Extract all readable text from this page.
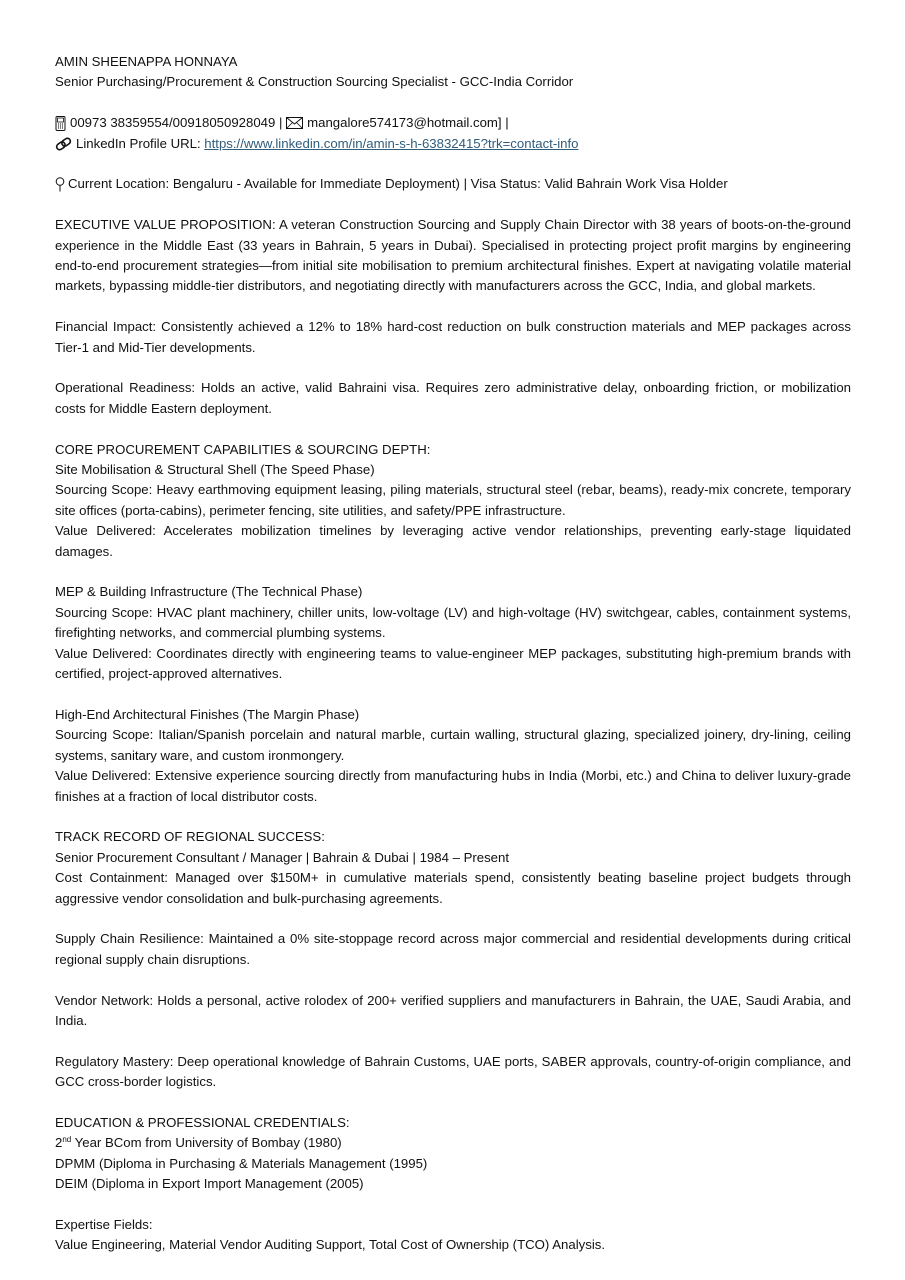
AMIN SHEENAPPA HONNAYA
Senior Purchasing/Procurement & Construction Sourcing Specialist - GCC-India Corridor
00973 38359554/00918050928049 | mangalore574173@hotmail.com] |
LinkedIn Profile URL: https://www.linkedin.com/in/amin-s-h-63832415?trk=contact-info
Current Location: Bengaluru - Available for Immediate Deployment) | Visa Status: Valid Bahrain Work Visa Holder
EXECUTIVE VALUE PROPOSITION: A veteran Construction Sourcing and Supply Chain Director with 38 years of boots-on-the-ground experience in the Middle East (33 years in Bahrain, 5 years in Dubai). Specialised in protecting project profit margins by engineering end-to-end procurement strategies—from initial site mobilisation to premium architectural finishes. Expert at navigating volatile material markets, bypassing middle-tier distributors, and negotiating directly with manufacturers across the GCC, India, and global markets.
Financial Impact: Consistently achieved a 12% to 18% hard-cost reduction on bulk construction materials and MEP packages across Tier-1 and Mid-Tier developments.
Operational Readiness: Holds an active, valid Bahraini visa. Requires zero administrative delay, onboarding friction, or mobilization costs for Middle Eastern deployment.
CORE PROCUREMENT CAPABILITIES & SOURCING DEPTH:
Site Mobilisation & Structural Shell (The Speed Phase)
Sourcing Scope: Heavy earthmoving equipment leasing, piling materials, structural steel (rebar, beams), ready-mix concrete, temporary site offices (porta-cabins), perimeter fencing, site utilities, and safety/PPE infrastructure.
Value Delivered: Accelerates mobilization timelines by leveraging active vendor relationships, preventing early-stage liquidated damages.
MEP & Building Infrastructure (The Technical Phase)
Sourcing Scope: HVAC plant machinery, chiller units, low-voltage (LV) and high-voltage (HV) switchgear, cables, containment systems, firefighting networks, and commercial plumbing systems.
Value Delivered: Coordinates directly with engineering teams to value-engineer MEP packages, substituting high-premium brands with certified, project-approved alternatives.
High-End Architectural Finishes (The Margin Phase)
Sourcing Scope: Italian/Spanish porcelain and natural marble, curtain walling, structural glazing, specialized joinery, dry-lining, ceiling systems, sanitary ware, and custom ironmongery.
Value Delivered: Extensive experience sourcing directly from manufacturing hubs in India (Morbi, etc.) and China to deliver luxury-grade finishes at a fraction of local distributor costs.
TRACK RECORD OF REGIONAL SUCCESS:
Senior Procurement Consultant / Manager | Bahrain & Dubai | 1984 – Present
Cost Containment: Managed over $150M+ in cumulative materials spend, consistently beating baseline project budgets through aggressive vendor consolidation and bulk-purchasing agreements.
Supply Chain Resilience: Maintained a 0% site-stoppage record across major commercial and residential developments during critical regional supply chain disruptions.
Vendor Network: Holds a personal, active rolodex of 200+ verified suppliers and manufacturers in Bahrain, the UAE, Saudi Arabia, and India.
Regulatory Mastery: Deep operational knowledge of Bahrain Customs, UAE ports, SABER approvals, country-of-origin compliance, and GCC cross-border logistics.
EDUCATION & PROFESSIONAL CREDENTIALS:
2nd Year BCom from University of Bombay (1980)
DPMM (Diploma in Purchasing & Materials Management (1995)
DEIM (Diploma in Export Import Management (2005)
Expertise Fields:
Value Engineering, Material Vendor Auditing Support, Total Cost of Ownership (TCO) Analysis.
